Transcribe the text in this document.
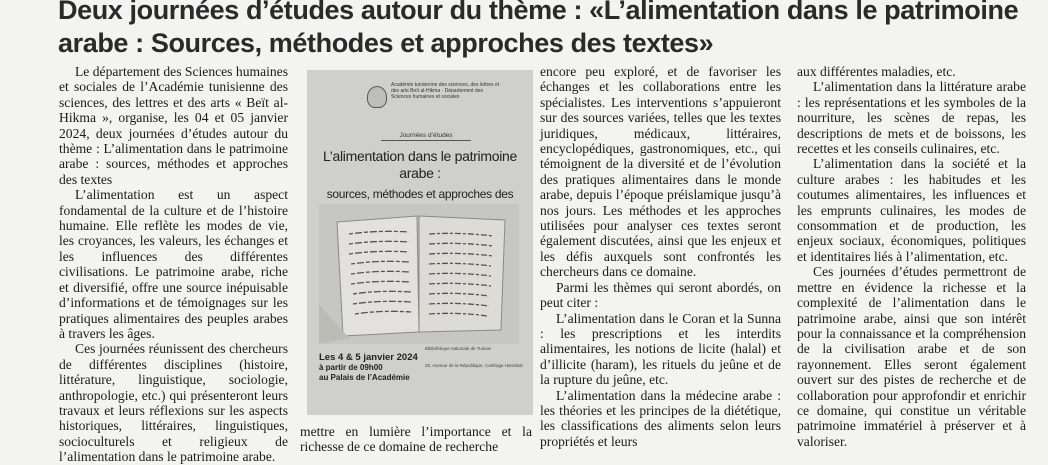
Deux journées d’études autour du thème : «L’alimentation dans le patrimoine arabe : Sources, méthodes et approches des textes»

Le département des Sciences humaines et sociales de l’Académie tunisienne des sciences, des lettres et des arts « Beït al-Hikma », organise, les 04 et 05 janvier 2024, deux journées d’études autour du thème : L’alimentation dans le patrimoine arabe : sources, méthodes et approches des textes

L’alimentation est un aspect fondamental de la culture et de l’histoire humaine. Elle reflète les modes de vie, les croyances, les valeurs, les échanges et les influences des différentes civilisations. Le patrimoine arabe, riche et diversifié, offre une source inépuisable d’informations et de témoignages sur les pratiques alimentaires des peuples arabes à travers les âges.

Ces journées réunissent des chercheurs de différentes disciplines (histoire, littérature, linguistique, sociologie, anthropologie, etc.) qui présenteront leurs travaux et leurs réflexions sur les aspects historiques, littéraires, linguistiques, socioculturels et religieux de l’alimentation dans le patrimoine arabe.

mettre en lumière l’importance et la richesse de ce domaine de recherche

Académie tunisienne des sciences, des lettres et des arts Beït al-Hikma · Département des Sciences humaines et sociales
Journées d’études
L’alimentation dans le patrimoine arabe :
sources, méthodes et approches des
Les 4 & 5 janvier 2024
à partir de 09h00
au Palais de l’Académie
Bibliothèque nationale de Tunisie
25, Avenue de la République, Carthage Hannibal

encore peu exploré, et de favoriser les échanges et les collaborations entre les spécialistes. Les interventions s’appuieront sur des sources variées, telles que les textes juridiques, médicaux, littéraires, encyclopédiques, gastronomiques, etc., qui témoignent de la diversité et de l’évolution des pratiques alimentaires dans le monde arabe, depuis l’époque préislamique jusqu’à nos jours. Les méthodes et les approches utilisées pour analyser ces textes seront également discutées, ainsi que les enjeux et les défis auxquels sont confrontés les chercheurs dans ce domaine.

Parmi les thèmes qui seront abordés, on peut citer :

L’alimentation dans le Coran et la Sunna : les prescriptions et les interdits alimentaires, les notions de licite (halal) et d’illicite (haram), les rituels du jeûne et de la rupture du jeûne, etc.

L’alimentation dans la médecine arabe : les théories et les principes de la diététique, les classifications des aliments selon leurs propriétés et leurs

aux différentes maladies, etc.

L’alimentation dans la littérature arabe : les représentations et les symboles de la nourriture, les scènes de repas, les descriptions de mets et de boissons, les recettes et les conseils culinaires, etc.

L’alimentation dans la société et la culture arabes : les habitudes et les coutumes alimentaires, les influences et les emprunts culinaires, les modes de consommation et de production, les enjeux sociaux, économiques, politiques et identitaires liés à l’alimentation, etc.

Ces journées d’études permettront de mettre en évidence la richesse et la complexité de l’alimentation dans le patrimoine arabe, ainsi que son intérêt pour la connaissance et la compréhension de la civilisation arabe et de son rayonnement. Elles seront également ouvert sur des pistes de recherche et de collaboration pour approfondir et enrichir ce domaine, qui constitue un véritable patrimoine immatériel à préserver et à valoriser.
